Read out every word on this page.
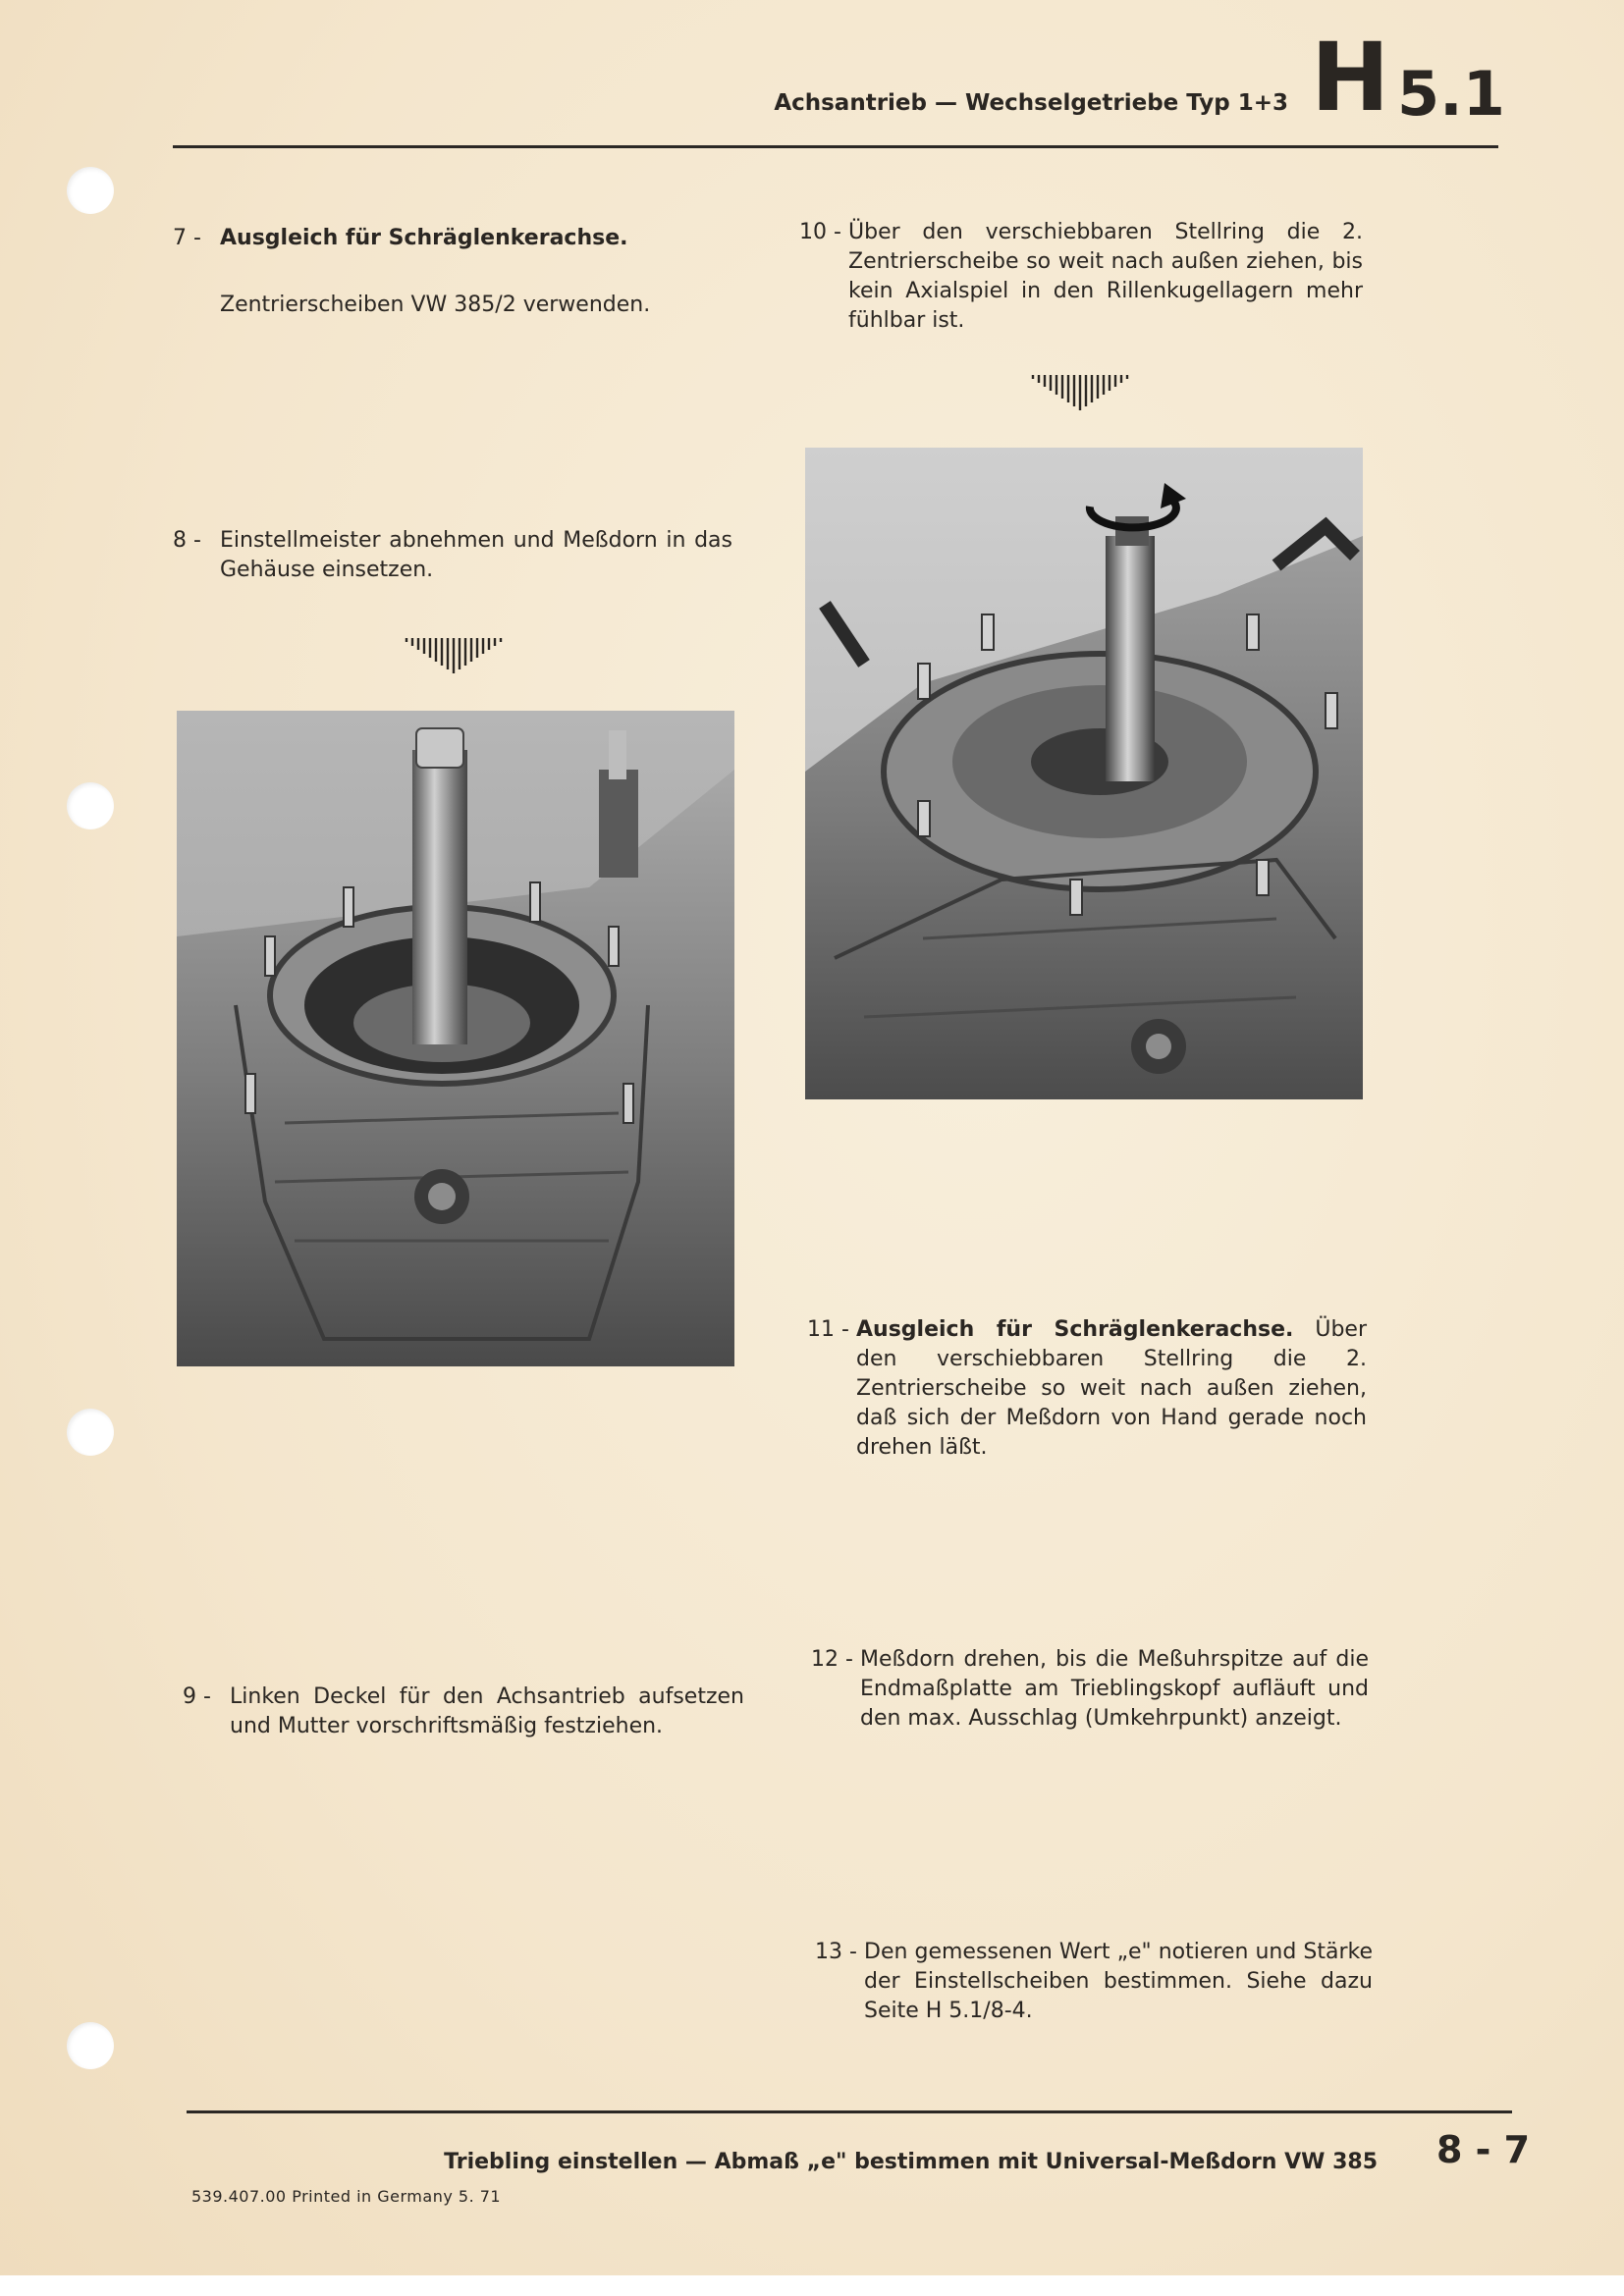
Achsantrieb — Wechselgetriebe Typ 1+3 H 5.1
7 - Ausgleich für Schräglenkerachse.
Zentrierscheiben VW 385/2 verwenden.
8 - Einstellmeister abnehmen und Meßdorn in das Gehäuse einsetzen.
9 - Linken Deckel für den Achsantrieb aufsetzen und Mutter vorschriftsmäßig festziehen.
10 - Über den verschiebbaren Stellring die 2. Zentrierscheibe so weit nach außen ziehen, bis kein Axialspiel in den Rillenkugellagern mehr fühlbar ist.
11 - Ausgleich für Schräglenkerachse. Über den verschiebbaren Stellring die 2. Zentrierscheibe so weit nach außen ziehen, daß sich der Meßdorn von Hand gerade noch drehen läßt.
12 - Meßdorn drehen, bis die Meßuhrspitze auf die Endmaßplatte am Trieblingskopf aufläuft und den max. Ausschlag (Umkehrpunkt) anzeigt.
13 - Den gemessenen Wert „e" notieren und Stärke der Einstellscheiben bestimmen. Siehe dazu Seite H 5.1/8-4.
Triebling einstellen — Abmaß „e" bestimmen mit Universal-Meßdorn VW 385 8 - 7
539.407.00 Printed in Germany 5. 71
